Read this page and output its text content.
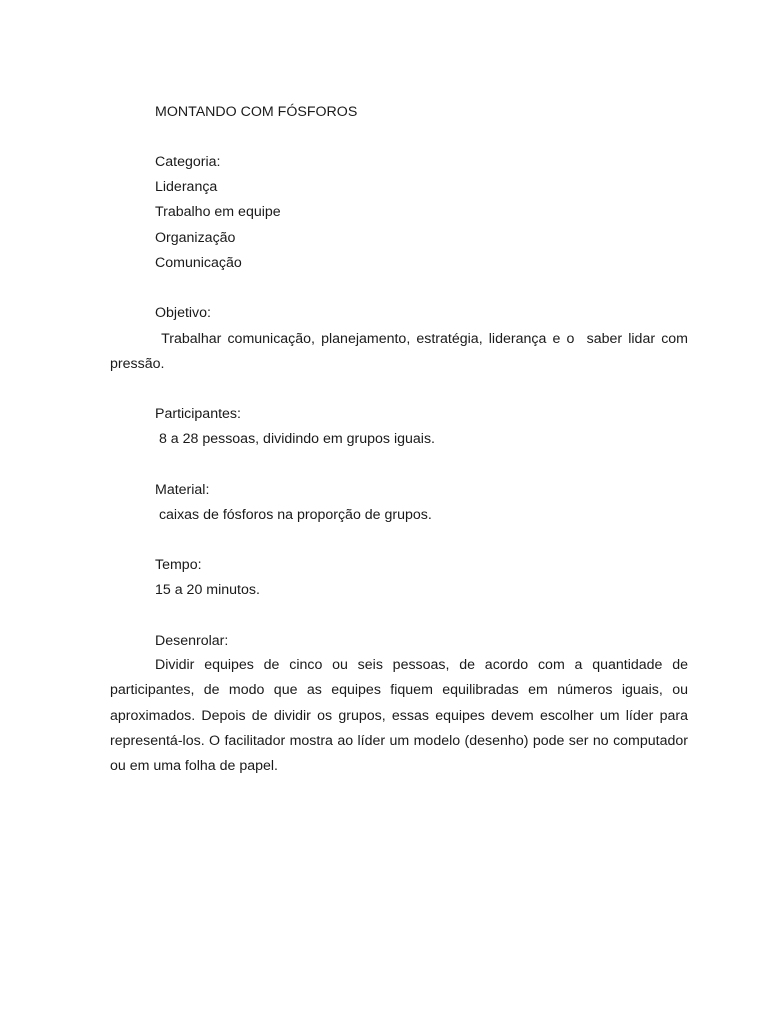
MONTANDO COM FÓSFOROS
Categoria:
Liderança
Trabalho em equipe
Organização
Comunicação
Objetivo:
Trabalhar comunicação, planejamento, estratégia, liderança e o  saber lidar com pressão.
Participantes:
8 a 28 pessoas, dividindo em grupos iguais.
Material:
caixas de fósforos na proporção de grupos.
Tempo:
15 a 20 minutos.
Desenrolar:
Dividir equipes de cinco ou seis pessoas, de acordo com a quantidade de participantes, de modo que as equipes fiquem equilibradas em números iguais, ou aproximados. Depois de dividir os grupos, essas equipes devem escolher um líder para representá-los. O facilitador mostra ao líder um modelo (desenho) pode ser no computador ou em uma folha de papel.
